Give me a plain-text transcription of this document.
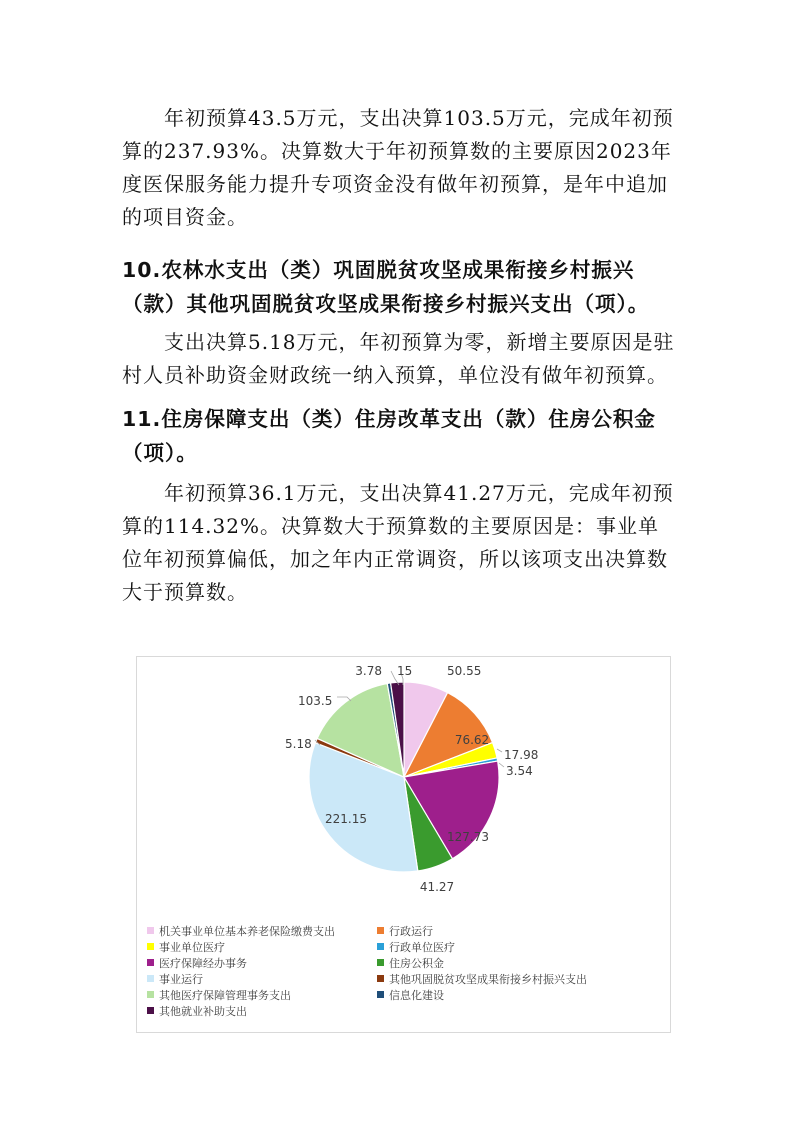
年初预算43.5万元，支出决算103.5万元，完成年初预算的237.93%。决算数大于年初预算数的主要原因2023年度医保服务能力提升专项资金没有做年初预算，是年中追加的项目资金。

10.农林水支出（类）巩固脱贫攻坚成果衔接乡村振兴（款）其他巩固脱贫攻坚成果衔接乡村振兴支出（项）。

支出决算5.18万元，年初预算为零，新增主要原因是驻村人员补助资金财政统一纳入预算，单位没有做年初预算。

11.住房保障支出（类）住房改革支出（款）住房公积金（项）。

年初预算36.1万元，支出决算41.27万元，完成年初预算的114.32%。决算数大于预算数的主要原因是：事业单位年初预算偏低，加之年内正常调资，所以该项支出决算数大于预算数。

50.55
76.62
17.98
3.54
127.73
41.27
221.15
5.18
103.5
3.78 15
机关事业单位基本养老保险缴费支出	行政运行
事业单位医疗	行政单位医疗
医疗保障经办事务	住房公积金
事业运行	其他巩固脱贫攻坚成果衔接乡村振兴支出
其他医疗保障管理事务支出	信息化建设
其他就业补助支出
